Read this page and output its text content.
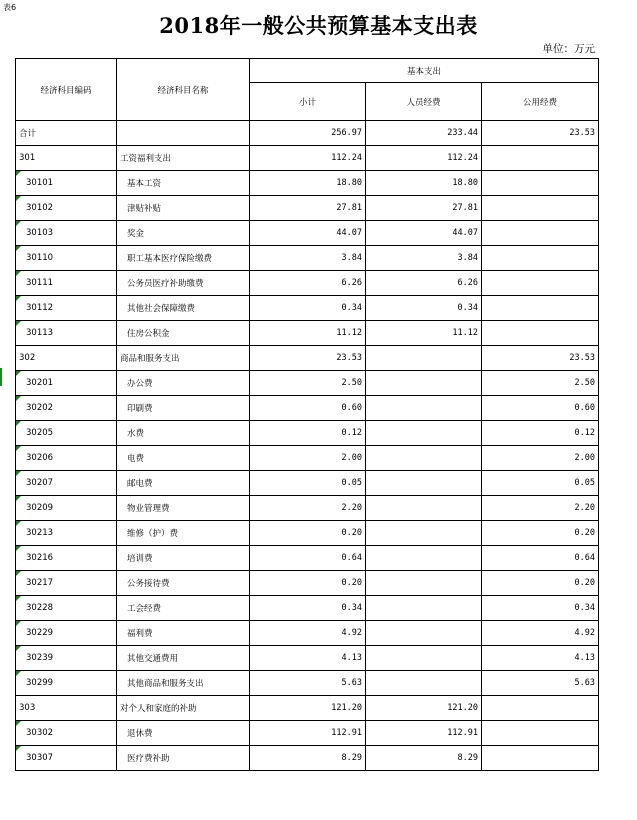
表6
2018年一般公共预算基本支出表
单位：万元
经济科目编码	经济科目名称	基本支出		
		小计	人员经费	公用经费
合计		256.97	233.44	23.53
301	工资福利支出	112.24	112.24	
30101	基本工资	18.80	18.80	
30102	津贴补贴	27.81	27.81	
30103	奖金	44.07	44.07	
30110	职工基本医疗保险缴费	3.84	3.84	
30111	公务员医疗补助缴费	6.26	6.26	
30112	其他社会保障缴费	0.34	0.34	
30113	住房公积金	11.12	11.12	
302	商品和服务支出	23.53		23.53
30201	办公费	2.50		2.50
30202	印刷费	0.60		0.60
30205	水费	0.12		0.12
30206	电费	2.00		2.00
30207	邮电费	0.05		0.05
30209	物业管理费	2.20		2.20
30213	维修（护）费	0.20		0.20
30216	培训费	0.64		0.64
30217	公务接待费	0.20		0.20
30228	工会经费	0.34		0.34
30229	福利费	4.92		4.92
30239	其他交通费用	4.13		4.13
30299	其他商品和服务支出	5.63		5.63
303	对个人和家庭的补助	121.20	121.20	
30302	退休费	112.91	112.91	
30307	医疗费补助	8.29	8.29	
